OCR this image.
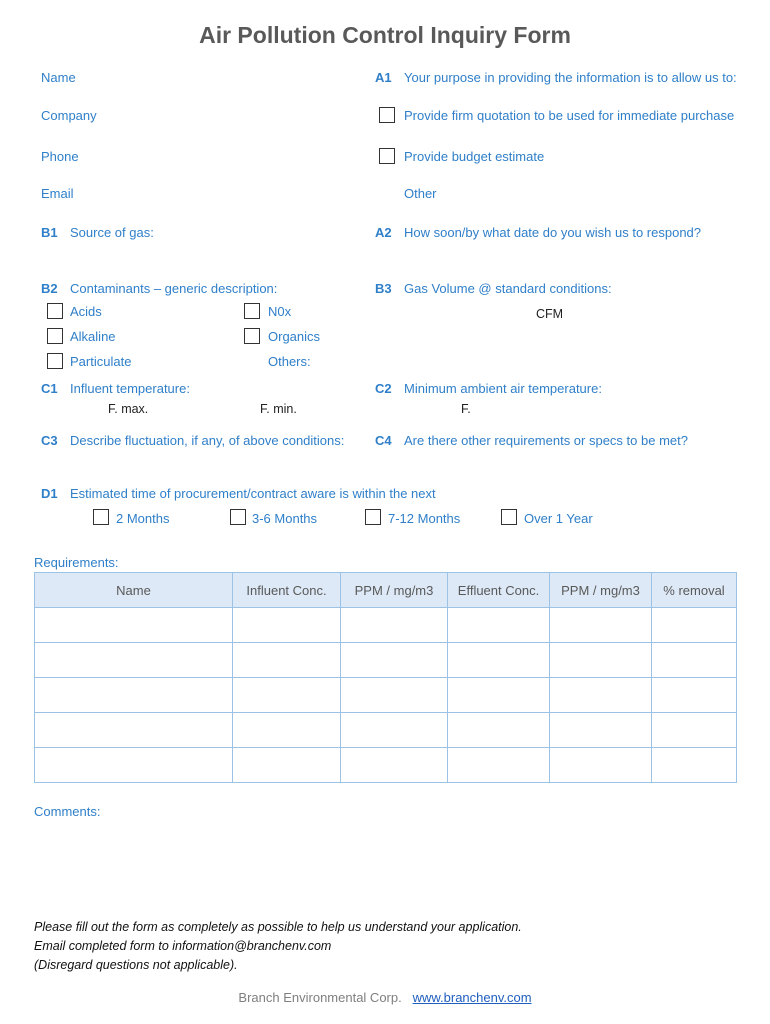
Air Pollution Control Inquiry Form
Name
Company
Phone
Email
A1 Your purpose in providing the information is to allow us to:
Provide firm quotation to be used for immediate purchase
Provide budget estimate
Other
B1 Source of gas:	A2 How soon/by what date do you wish us to respond?
B2 Contaminants – generic description:
Acids	N0x
Alkaline	Organics
Particulate	Others:
B3 Gas Volume @ standard conditions:
CFM
C1 Influent temperature:
F. max.	F. min.
C2 Minimum ambient air temperature:
F.
C3 Describe fluctuation, if any, of above conditions: C4 Are there other requirements or specs to be met?
D1 Estimated time of procurement/contract aware is within the next
2 Months	3-6 Months	7-12 Months	Over 1 Year
Requirements:
Name	Influent Conc.	PPM / mg/m3	Effluent Conc.	PPM / mg/m3	% removal

Comments:
Please fill out the form as completely as possible to help us understand your application.
Email completed form to information@branchenv.com
(Disregard questions not applicable).
Branch Environmental Corp. www.branchenv.com
